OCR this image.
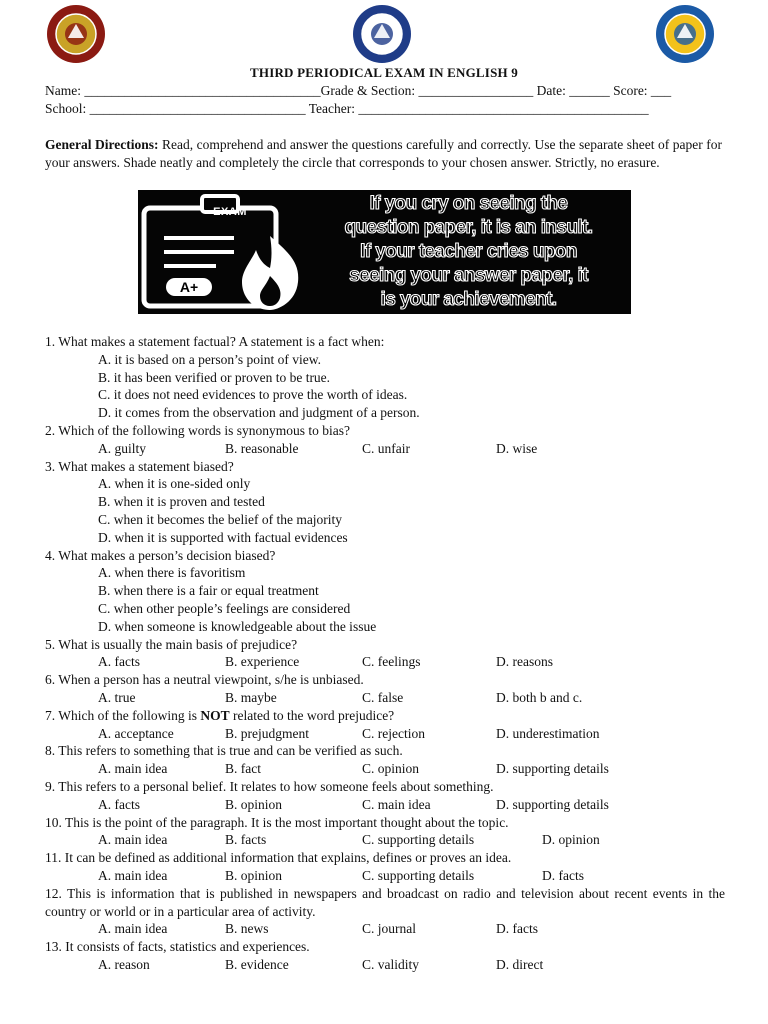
THIRD PERIODICAL EXAM IN ENGLISH 9
Name: ___________________________________Grade & Section: _________________ Date: ______ Score: ___
School: ________________________________ Teacher: ___________________________________________
General Directions: Read, comprehend and answer the questions carefully and correctly. Use the separate sheet of paper for your answers. Shade neatly and completely the circle that corresponds to your chosen answer. Strictly, no erasure.
EXAM
A+
If you cry on seeing the
question paper, it is an insult.
If your teacher cries upon
seeing your answer paper, it
is your achievement.
1. What makes a statement factual? A statement is a fact when:
A. it is based on a person’s point of view.
B. it has been verified or proven to be true.
C. it does not need evidences to prove the worth of ideas.
D. it comes from the observation and judgment of a person.
2. Which of the following words is synonymous to bias?
A. guilty	B. reasonable	C. unfair	D. wise
3. What makes a statement biased?
A. when it is one-sided only
B. when it is proven and tested
C. when it becomes the belief of the majority
D. when it is supported with factual evidences
4. What makes a person’s decision biased?
A. when there is favoritism
B. when there is a fair or equal treatment
C. when other people’s feelings are considered
D. when someone is knowledgeable about the issue
5. What is usually the main basis of prejudice?
A. facts	B. experience	C. feelings	D. reasons
6. When a person has a neutral viewpoint, s/he is unbiased.
A. true	B. maybe	C. false	D. both b and c.
7. Which of the following is NOT related to the word prejudice?
A. acceptance	B. prejudgment	C. rejection	D. underestimation
8. This refers to something that is true and can be verified as such.
A. main idea	B. fact	C. opinion	D. supporting details
9. This refers to a personal belief. It relates to how someone feels about something.
A. facts	B. opinion	C. main idea	D. supporting details
10. This is the point of the paragraph. It is the most important thought about the topic.
A. main idea	B. facts	C. supporting details	D. opinion
11. It can be defined as additional information that explains, defines or proves an idea.
A. main idea	B. opinion	C. supporting details	D. facts
12. This is information that is published in newspapers and broadcast on radio and television about recent events in the country or world or in a particular area of activity.
A. main idea	B. news	C. journal	D. facts
13. It consists of facts, statistics and experiences.
A. reason	B. evidence	C. validity	D. direct
